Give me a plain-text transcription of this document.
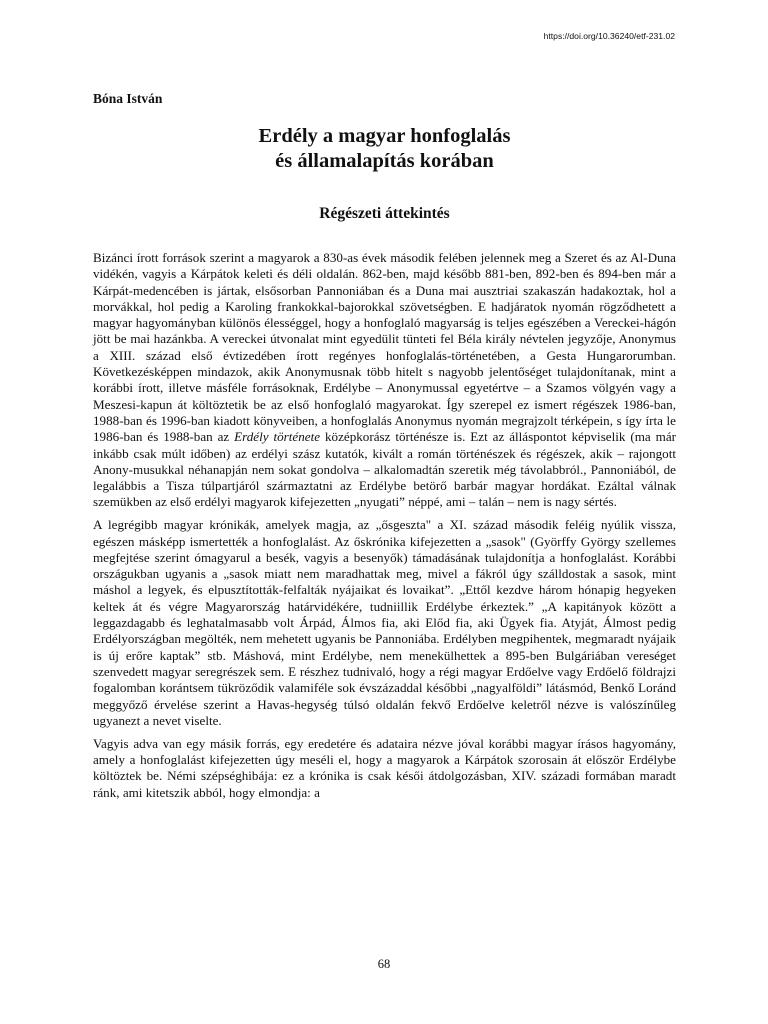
https://doi.org/10.36240/etf-231.02
Bóna István
Erdély a magyar honfoglalás
és államalapítás korában
Régészeti áttekintés

Bizánci írott források szerint a magyarok a 830-as évek második felében jelennek meg a Szeret és az Al-Duna vidékén, vagyis a Kárpátok keleti és déli oldalán. 862-ben, majd később 881-ben, 892-ben és 894-ben már a Kárpát-medencében is jártak, elsősorban Pannoniában és a Duna mai ausztriai szakaszán hadakoztak, hol a morvákkal, hol pedig a Karoling frankokkal-bajorokkal szövetségben. E hadjáratok nyomán rögződhetett a magyar hagyományban különös élességgel, hogy a honfoglaló magyarság is teljes egészében a Vereckei-hágón jött be mai hazánkba. A vereckei útvonalat mint egyedülit tünteti fel Béla király névtelen jegyzője, Anonymus a XIII. század első évtizedében írott regényes honfoglalás-történetében, a Gesta Hungarorumban. Következésképpen mindazok, akik Anonymusnak több hitelt s nagyobb jelentőséget tulajdonítanak, mint a korábbi írott, illetve másféle forrásoknak, Erdélybe – Anonymussal egyetértve – a Szamos völgyén vagy a Meszesi-kapun át költöztetik be az első honfoglaló magyarokat. Így szerepel ez ismert régészek 1986-ban, 1988-ban és 1996-ban kiadott könyveiben, a honfoglalás Anonymus nyomán megrajzolt térképein, s így írta le 1986-ban és 1988-ban az Erdély története középkorász történésze is. Ezt az álláspontot képviselik (ma már inkább csak múlt időben) az erdélyi szász kutatók, kivált a román történészek és régészek, akik – rajongott Anony-musukkal néhanapján nem sokat gondolva – alkalomadtán szeretik még távolabbról., Pannoniából, de legalábbis a Tisza túlpartjáról származtatni az Erdélybe betörő barbár magyar hordákat. Ezáltal válnak szemükben az első erdélyi magyarok kifejezetten „nyugati” néppé, ami – talán – nem is nagy sértés.

A legrégibb magyar krónikák, amelyek magja, az „ősgeszta" a XI. század második feléig nyúlik vissza, egészen másképp ismertették a honfoglalást. Az őskrónika kifejezetten a „sasok" (Györffy György szellemes megfejtése szerint ómagyarul a besék, vagyis a besenyők) támadásának tulajdonítja a honfoglalást. Korábbi országukban ugyanis a „sasok miatt nem maradhattak meg, mivel a fákról úgy szálldostak a sasok, mint máshol a legyek, és elpusztították-felfalták nyájaikat és lovaikat”. „Ettől kezdve három hónapig hegyeken keltek át és végre Magyarország határvidékére, tudniillik Erdélybe érkeztek.” „A kapitányok között a leggazdagabb és leghatalmasabb volt Árpád, Álmos fia, aki Előd fia, aki Ügyek fia. Atyját, Álmost pedig Erdélyországban megölték, nem mehetett ugyanis be Pannoniába. Erdélyben megpihentek, megmaradt nyájaik is új erőre kaptak” stb. Máshová, mint Erdélybe, nem menekülhettek a 895-ben Bulgáriában vereséget szenvedett magyar seregrészek sem. E részhez tudnivaló, hogy a régi magyar Erdőelve vagy Erdőelő földrajzi fogalomban korántsem tükröződik valamiféle sok évszázaddal későbbi „nagyalföldi” látásmód, Benkő Loránd meggyőző érvelése szerint a Havas-hegység túlsó oldalán fekvő Erdőelve keletről nézve is valószínűleg ugyanezt a nevet viselte.

Vagyis adva van egy másik forrás, egy eredetére és adataira nézve jóval korábbi magyar írásos hagyomány, amely a honfoglalást kifejezetten úgy meséli el, hogy a magyarok a Kárpátok szorosain át először Erdélybe költöztek be. Némi szépséghibája: ez a krónika is csak késői átdolgozásban, XIV. századi formában maradt ránk, ami kitetszik abból, hogy elmondja: a

68
